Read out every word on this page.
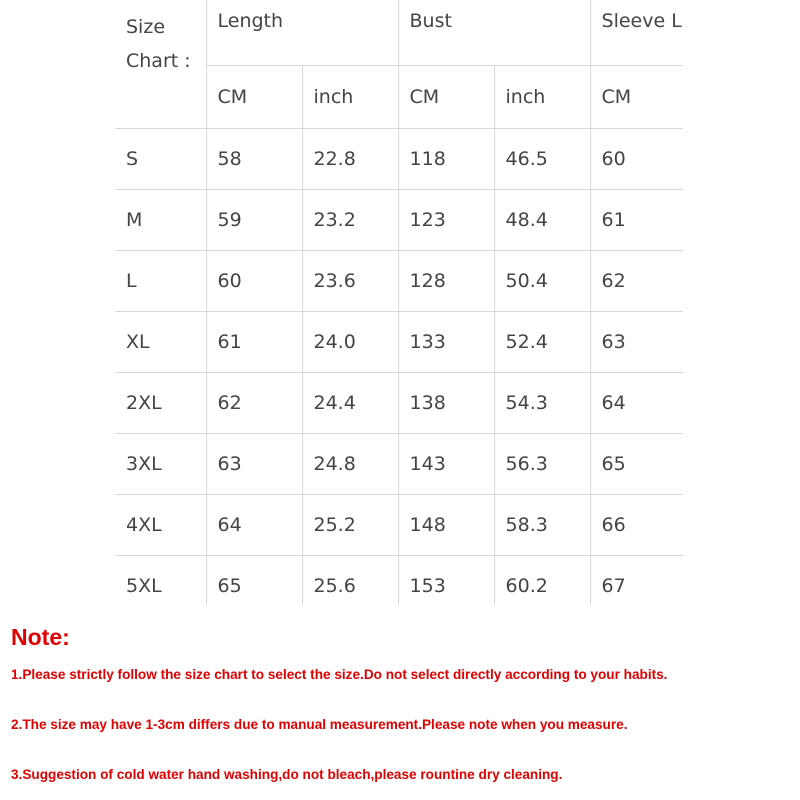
Size Chart :	Length		Bust		Sleeve L	
	CM	inch	CM	inch	CM	
S	58	22.8	118	46.5	60	
M	59	23.2	123	48.4	61	
L	60	23.6	128	50.4	62	
XL	61	24.0	133	52.4	63	
2XL	62	24.4	138	54.3	64	
3XL	63	24.8	143	56.3	65	
4XL	64	25.2	148	58.3	66	
5XL	65	25.6	153	60.2	67	
Note:
1.Please strictly follow the size chart to select the size.Do not select directly according to your habits.
2.The size may have 1-3cm differs due to manual measurement.Please note when you measure.
3.Suggestion of cold water hand washing,do not bleach,please rountine dry cleaning.
